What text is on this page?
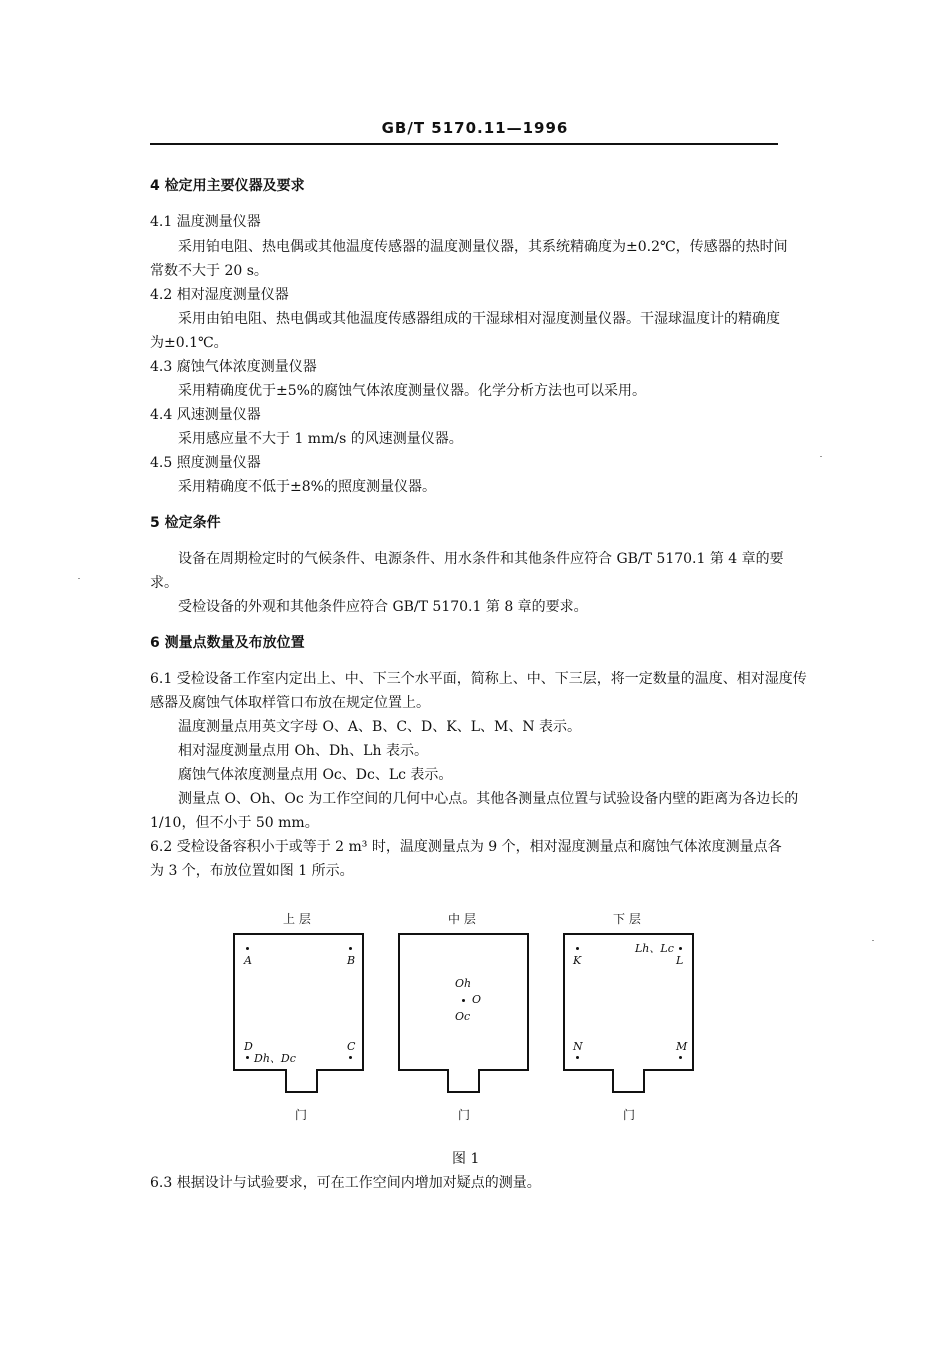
GB/T 5170.11—1996
4 检定用主要仪器及要求
4.1 温度测量仪器
采用铂电阻、热电偶或其他温度传感器的温度测量仪器，其系统精确度为±0.2℃，传感器的热时间
常数不大于 20 s。
4.2 相对湿度测量仪器
采用由铂电阻、热电偶或其他温度传感器组成的干湿球相对湿度测量仪器。干湿球温度计的精确度
为±0.1℃。
4.3 腐蚀气体浓度测量仪器
采用精确度优于±5%的腐蚀气体浓度测量仪器。化学分析方法也可以采用。
4.4 风速测量仪器
采用感应量不大于 1 mm/s 的风速测量仪器。
4.5 照度测量仪器
采用精确度不低于±8%的照度测量仪器。
5 检定条件
设备在周期检定时的气候条件、电源条件、用水条件和其他条件应符合 GB/T 5170.1 第 4 章的要
求。
受检设备的外观和其他条件应符合 GB/T 5170.1 第 8 章的要求。
6 测量点数量及布放位置
6.1 受检设备工作室内定出上、中、下三个水平面，简称上、中、下三层，将一定数量的温度、相对湿度传
感器及腐蚀气体取样管口布放在规定位置上。
温度测量点用英文字母 O、A、B、C、D、K、L、M、N 表示。
相对湿度测量点用 Oh、Dh、Lh 表示。
腐蚀气体浓度测量点用 Oc、Dc、Lc 表示。
测量点 O、Oh、Oc 为工作空间的几何中心点。其他各测量点位置与试验设备内壁的距离为各边长的
1/10，但不小于 50 mm。
6.2 受检设备容积小于或等于 2 m³ 时，温度测量点为 9 个，相对湿度测量点和腐蚀气体浓度测量点各
为 3 个，布放位置如图 1 所示。
上 层
A	B
D
Dh、Dc
C
门
中 层
Oh
O
Oc
门
下 层
K
Lh、Lc
L
N	M
门
图 1
6.3 根据设计与试验要求，可在工作空间内增加对疑点的测量。
